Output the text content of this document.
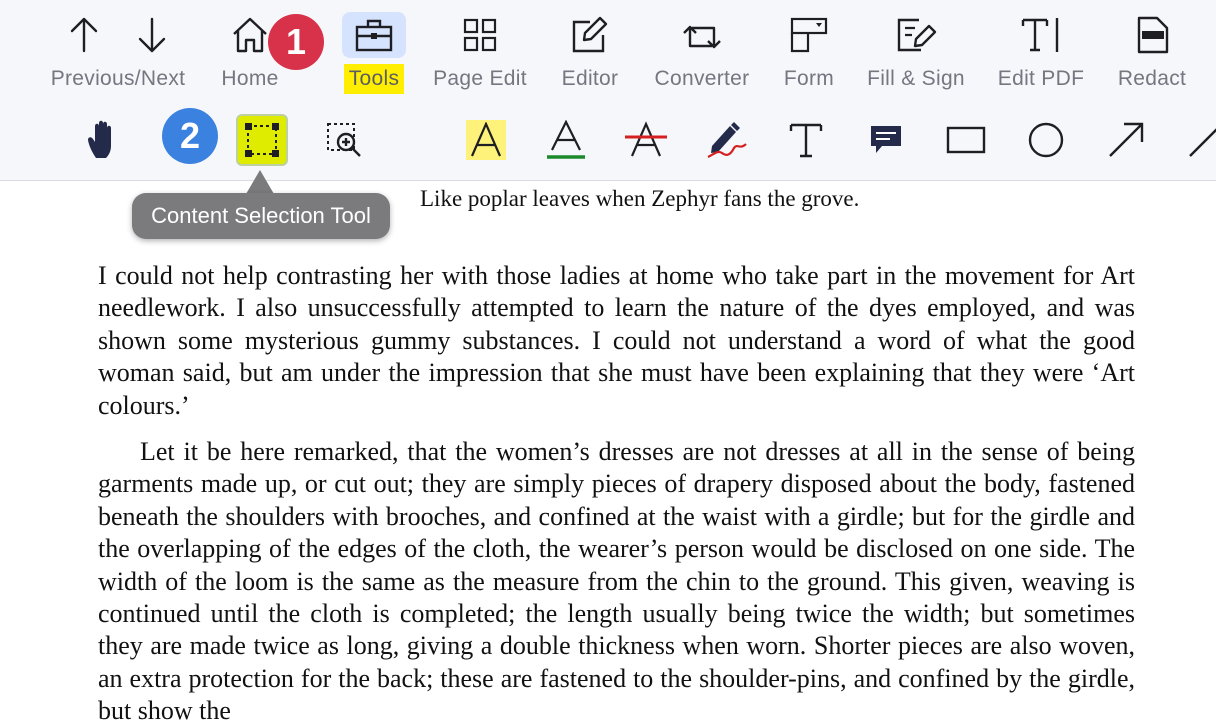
Previous/Next Home	Tools Page Edit Editor Converter Form Fill & Sign Edit PDF Redact
1
2
Content Selection Tool
Like poplar leaves when Zephyr fans the grove.
I could not help contrasting her with those ladies at home who take part in the movement for Art needlework. I also unsuccessfully attempted to learn the nature of the dyes employed, and was shown some mysterious gummy substances. I could not understand a word of what the good woman said, but am under the impression that she must have been explaining that they were ‘Art colours.’
Let it be here remarked, that the women’s dresses are not dresses at all in the sense of being garments made up, or cut out; they are simply pieces of drapery disposed about the body, fastened beneath the shoulders with brooches, and confined at the waist with a girdle; but for the girdle and the overlapping of the edges of the cloth, the wearer’s person would be disclosed on one side. The width of the loom is the same as the measure from the chin to the ground. This given, weaving is continued until the cloth is completed; the length usually being twice the width; but sometimes they are made twice as long, giving a double thickness when worn. Shorter pieces are also woven, an extra protection for the back; these are fastened to the shoulder-pins, and confined by the girdle, but show the
